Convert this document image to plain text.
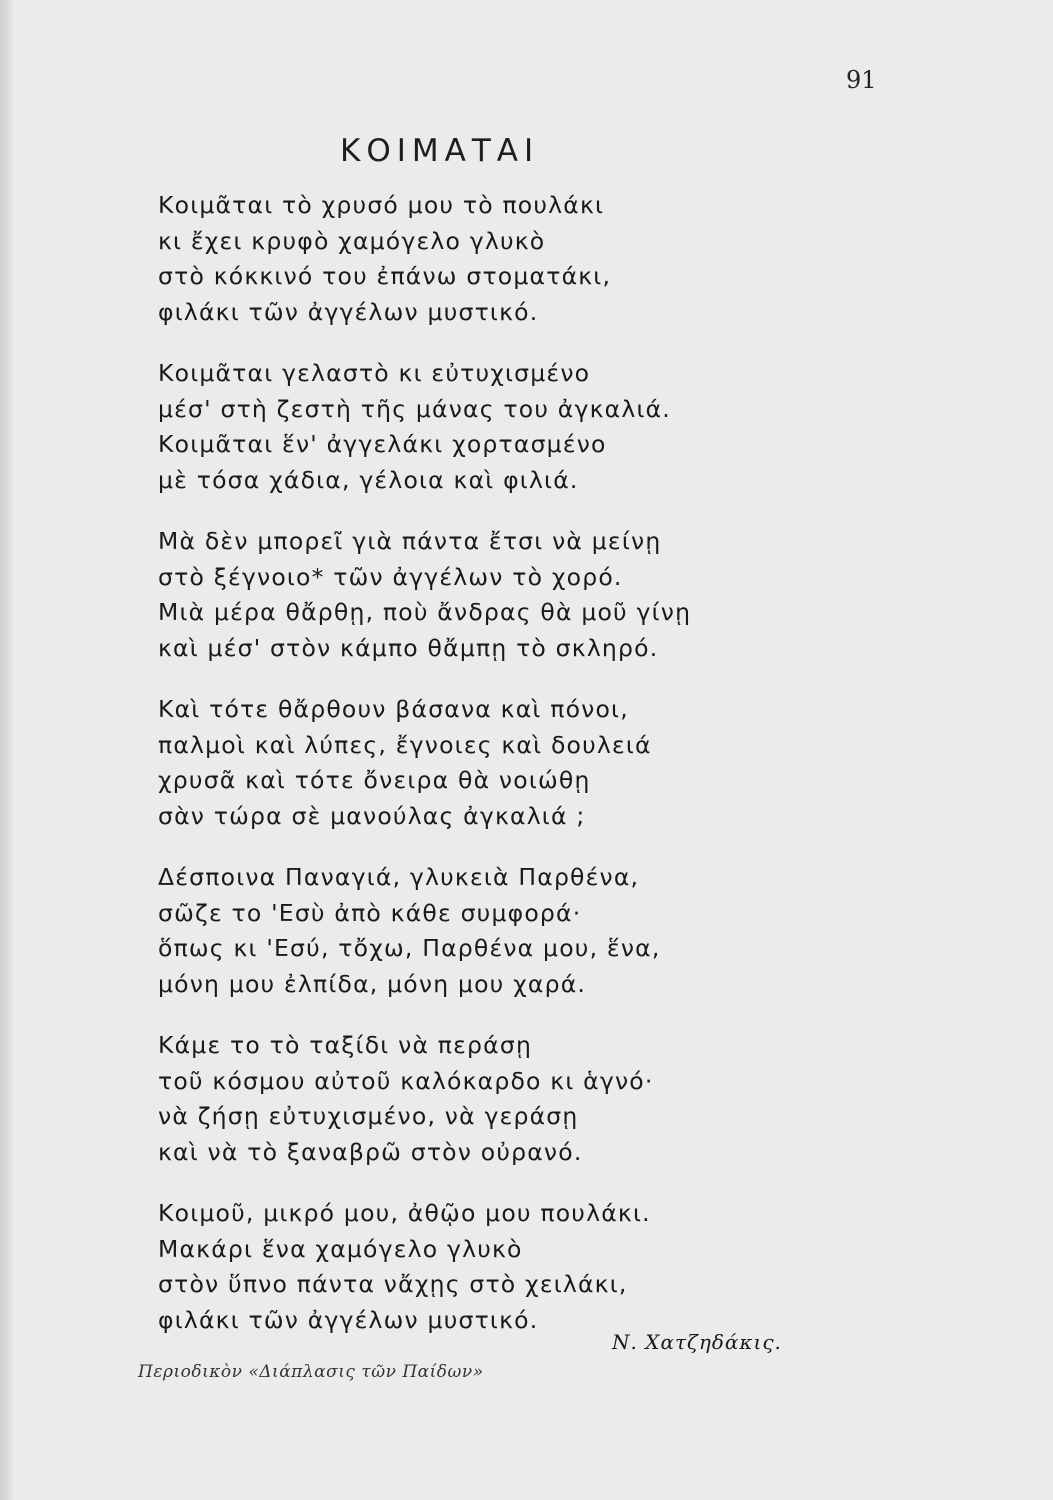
91
ΚΟΙΜΑΤΑΙ
Κοιμᾶται τὸ χρυσό μου τὸ πουλάκι
κι ἔχει κρυφὸ χαμόγελο γλυκὸ
στὸ κόκκινό του ἐπάνω στοματάκι,
φιλάκι τῶν ἀγγέλων μυστικό.
Κοιμᾶται γελαστὸ κι εὐτυχισμένο
μέσ' στὴ ζεστὴ τῆς μάνας του ἀγκαλιά.
Κοιμᾶται ἕν' ἀγγελάκι χορτασμένο
μὲ τόσα χάδια, γέλοια καὶ φιλιά.
Μὰ δὲν μπορεῖ γιὰ πάντα ἔτσι νὰ μείνῃ
στὸ ξέγνοιο* τῶν ἀγγέλων τὸ χορό.
Μιὰ μέρα θἄρθῃ, ποὺ ἄνδρας θὰ μοῦ γίνῃ
καὶ μέσ' στὸν κάμπο θἄμπῃ τὸ σκληρό.
Καὶ τότε θἄρθουν βάσανα καὶ πόνοι,
παλμοὶ καὶ λύπες, ἔγνοιες καὶ δουλειά
χρυσᾶ καὶ τότε ὄνειρα θὰ νοιώθῃ
σὰν τώρα σὲ μανούλας ἀγκαλιά ;
Δέσποινα Παναγιά, γλυκειὰ Παρθένα,
σῶζε το 'Εσὺ ἀπὸ κάθε συμφορά·
ὅπως κι 'Εσύ, τὄχω, Παρθένα μου, ἕνα,
μόνη μου ἐλπίδα, μόνη μου χαρά.
Κάμε το τὸ ταξίδι νὰ περάσῃ
τοῦ κόσμου αὐτοῦ καλόκαρδο κι ἁγνό·
νὰ ζήσῃ εὐτυχισμένο, νὰ γεράσῃ
καὶ νὰ τὸ ξαναβρῶ στὸν οὐρανό.
Κοιμοῦ, μικρό μου, ἀθῷο μου πουλάκι.
Μακάρι ἕνα χαμόγελο γλυκὸ
στὸν ὕπνο πάντα νἄχῃς στὸ χειλάκι,
φιλάκι τῶν ἀγγέλων μυστικό.
Ν. Χατζηδάκις.
Περιοδικὸν «Διάπλασις τῶν Παίδων»
